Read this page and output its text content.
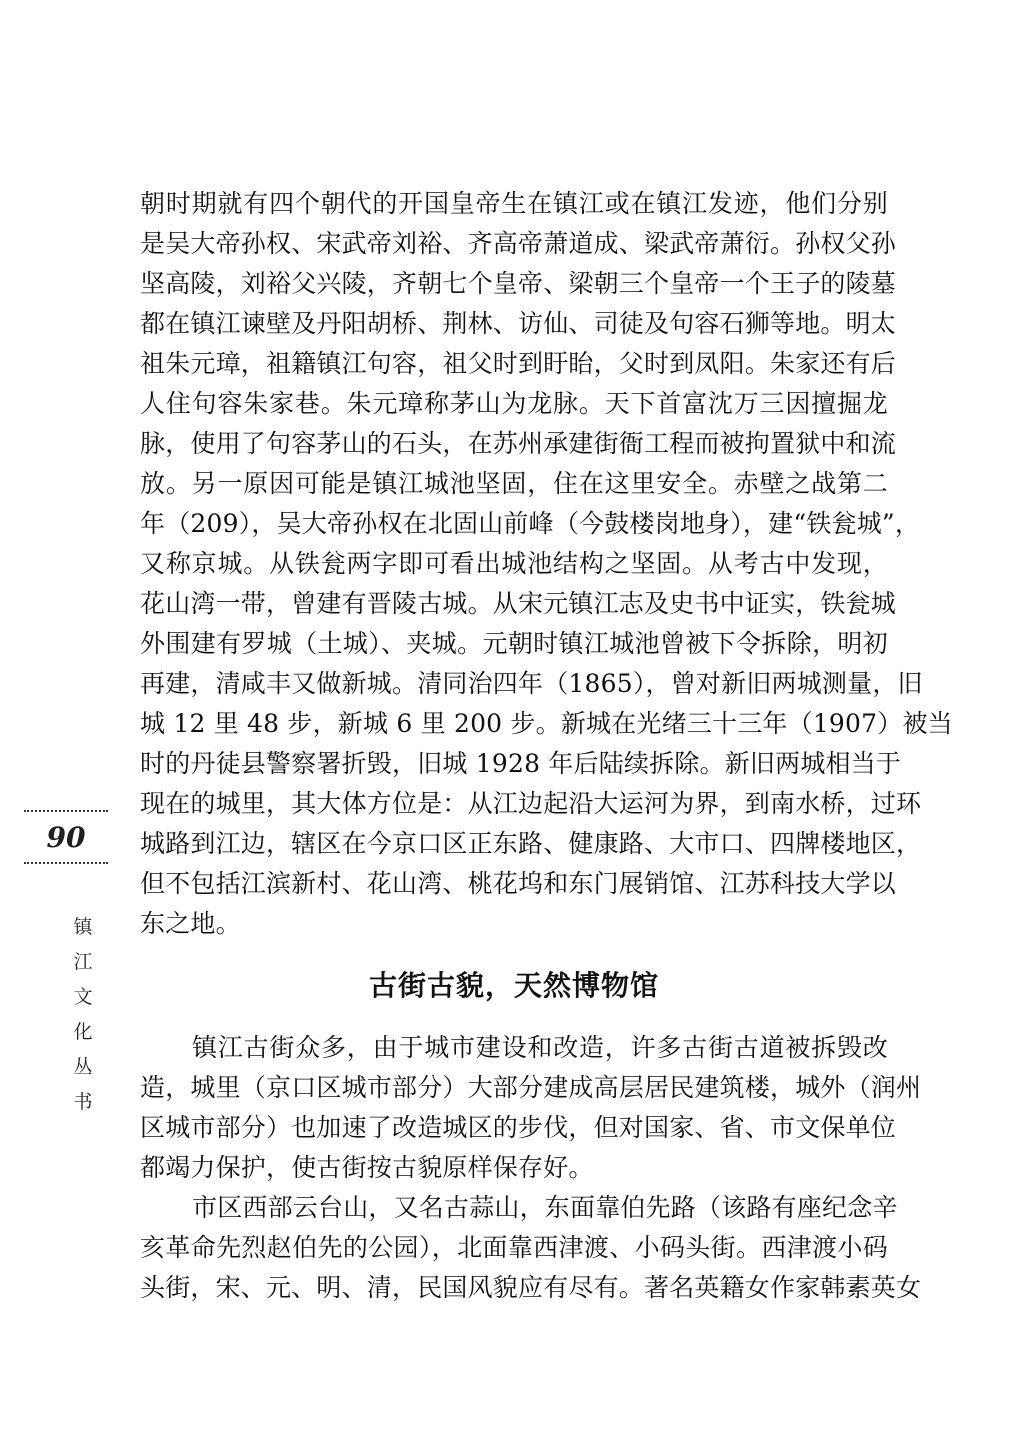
90
镇
江
文
化
丛
书
朝时期就有四个朝代的开国皇帝生在镇江或在镇江发迹，他们分别
是吴大帝孙权、宋武帝刘裕、齐高帝萧道成、梁武帝萧衍。孙权父孙
坚高陵，刘裕父兴陵，齐朝七个皇帝、梁朝三个皇帝一个王子的陵墓
都在镇江谏壁及丹阳胡桥、荆林、访仙、司徒及句容石狮等地。明太
祖朱元璋，祖籍镇江句容，祖父时到盱眙，父时到凤阳。朱家还有后
人住句容朱家巷。朱元璋称茅山为龙脉。天下首富沈万三因擅掘龙
脉，使用了句容茅山的石头，在苏州承建街衙工程而被拘置狱中和流
放。另一原因可能是镇江城池坚固，住在这里安全。赤壁之战第二
年（209），吴大帝孙权在北固山前峰（今鼓楼岗地身），建“铁瓮城”，
又称京城。从铁瓮两字即可看出城池结构之坚固。从考古中发现，
花山湾一带，曾建有晋陵古城。从宋元镇江志及史书中证实，铁瓮城
外围建有罗城（土城）、夹城。元朝时镇江城池曾被下令拆除，明初
再建，清咸丰又做新城。清同治四年（1865），曾对新旧两城测量，旧
城 12 里 48 步，新城 6 里 200 步。新城在光绪三十三年（1907）被当
时的丹徒县警察署折毁，旧城 1928 年后陆续拆除。新旧两城相当于
现在的城里，其大体方位是：从江边起沿大运河为界，到南水桥，过环
城路到江边，辖区在今京口区正东路、健康路、大市口、四牌楼地区，
但不包括江滨新村、花山湾、桃花坞和东门展销馆、江苏科技大学以
东之地。
古街古貌，天然博物馆
镇江古街众多，由于城市建设和改造，许多古街古道被拆毁改
造，城里（京口区城市部分）大部分建成高层居民建筑楼，城外（润州
区城市部分）也加速了改造城区的步伐，但对国家、省、市文保单位
都竭力保护，使古街按古貌原样保存好。
市区西部云台山，又名古蒜山，东面靠伯先路（该路有座纪念辛
亥革命先烈赵伯先的公园），北面靠西津渡、小码头街。西津渡小码
头街，宋、元、明、清，民国风貌应有尽有。著名英籍女作家韩素英女
